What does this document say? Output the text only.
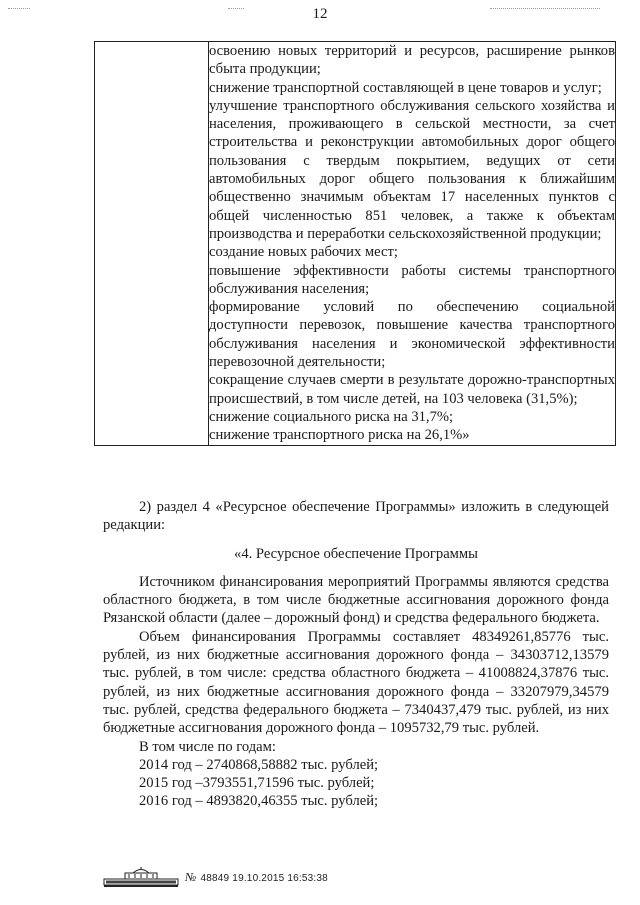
12

освоению новых территорий и ресурсов, расширение рынков сбыта продукции;

снижение транспортной составляющей в цене товаров и услуг;

улучшение транспортного обслуживания сельского хозяйства и населения, проживающего в сельской местности, за счет строительства и реконструкции автомобильных дорог общего пользования с твердым покрытием, ведущих от сети автомобильных дорог общего пользования к ближайшим общественно значимым объектам 17 населенных пунктов с общей численностью 851 человек, а также к объектам производства и переработки сельскохозяйственной продукции;

создание новых рабочих мест;

повышение эффективности работы системы транспортного обслуживания населения;

формирование условий по обеспечению социальной доступности перевозок, повышение качества транспортного обслуживания населения и экономической эффективности перевозочной деятельности;

сокращение случаев смерти в результате дорожно-транспортных происшествий, в том числе детей, на 103 человека (31,5%);

снижение социального риска на 31,7%;

снижение транспортного риска на 26,1%»

2) раздел 4 «Ресурсное обеспечение Программы» изложить в следующей редакции:

«4. Ресурсное обеспечение Программы

Источником финансирования мероприятий Программы являются средства областного бюджета, в том числе бюджетные ассигнования дорожного фонда Рязанской области (далее – дорожный фонд) и средства федерального бюджета.

Объем финансирования Программы составляет 48349261,85776 тыс. рублей, из них бюджетные ассигнования дорожного фонда – 34303712,13579 тыс. рублей, в том числе: средства областного бюджета – 41008824,37876 тыс. рублей, из них бюджетные ассигнования дорожного фонда – 33207979,34579 тыс. рублей, средства федерального бюджета – 7340437,479 тыс. рублей, из них бюджетные ассигнования дорожного фонда – 1095732,79 тыс. рублей.

В том числе по годам:

2014 год – 2740868,58882 тыс. рублей;

2015 год –3793551,71596 тыс. рублей;

2016 год – 4893820,46355 тыс. рублей;

№ 48849 19.10.2015 16:53:38
